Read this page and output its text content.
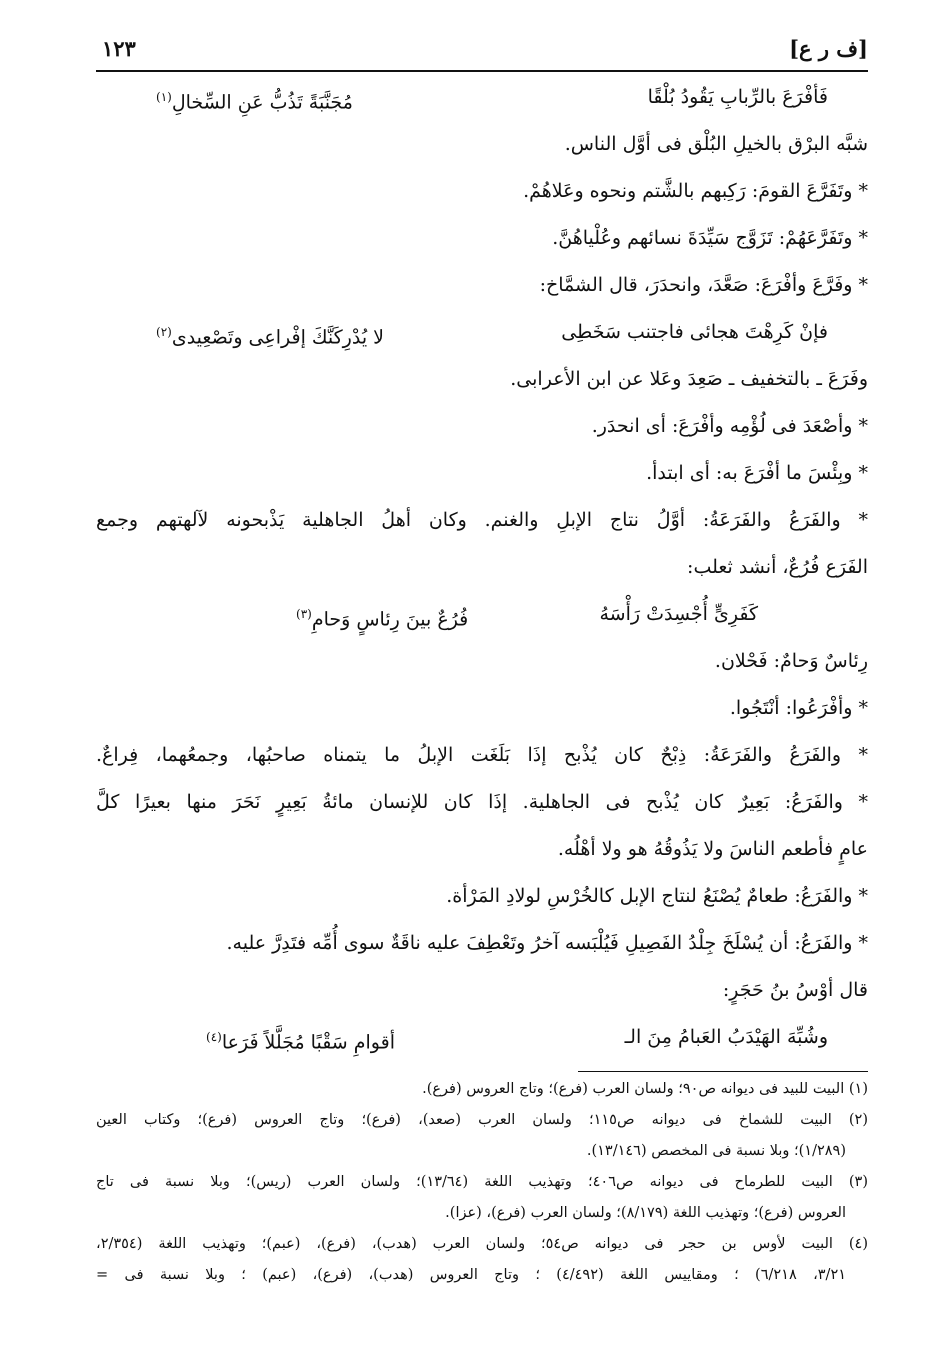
[ف ر ع]
١٢٣
فَأفْرَعَ بالرِّبابِ يَقُودُ بُلْقًا
مُجَنَّبَةً تَذُبُّ عَنِ السِّخالِ$^{(١)}$
شبَّه البرْق بالخيلِ البُلْق فى أوَّل الناس.
* وتَفَرَّعَ القومَ: رَكِبهم بالشَّتم ونحوه وعَلاهُمْ.
* وتَفَرَّعَهُمْ: تَزَوَّج سَيِّدَةَ نسائهم وعُلْياهُنَّ.
* وفَرَّعَ وأفْرَعَ: صَعَّدَ، وانحدَرَ، قال الشمَّاخ:
فإنْ كَرِهْتَ هجائى فاجتنب سَخَطِى
لا يُدْرِكَنَّكَ إفْراعِى وتَصْعِيدى$^{(٢)}$
وفَرَعَ ـ بالتخفيف ـ صَعِدَ وعَلا عن ابن الأعرابى.
* وأصْعَدَ فى لُؤْمِه وأفْرَعَ: أى انحدَر.
* وبِئْسَ ما أفْرَعَ به: أى ابتدأ.
* والفَرَعُ والفَرَعَةُ: أوَّلُ نتاج الإبلِ والغنم. وكان أهلُ الجاهلية يَذْبحونه لآلهتهم وجمع
الفَرَع فُرُعٌ، أنشد ثعلب:
كَفَرِىٍّ أُجْسِدَتْ رَأْسَهُ
فُرُعٌ بينَ رِئاسٍ وَحامِ$^{(٣)}$
رِئاسٌ وَحامٌ: فَحْلان.
* وأفْرَعُوا: أنْتَجُوا.
* والفَرَعُ والفَرَعَةُ: ذِبْحٌ كان يُذْبح إذَا بَلَغَت الإبلُ ما يتمناه صاحبُها، وجمعُهما، فِراعٌ.
* والفَرَعُ: بَعِيرٌ كان يُذْبح فى الجاهلية. إذَا كان للإنسان مائةُ بَعِيرٍ نَحَرَ منها بعيرًا كلَّ
عامٍ فأطعم الناسَ ولا يَذُوقُهُ هو ولا أهْلُه.
* والفَرَعُ: طعامٌ يُصْنَعُ لنتاج الإبل كالخُرْسِ لولادِ المَرْأة.
* والفَرَعُ: أن يُسْلَخَ جِلْدُ الفَصِيلِ فَيُلْبَسه آخرُ وتَعْطِفَ عليه ناقَةٌ سوى أُمِّه فتَدِرَّ عليه.
قال أوْسُ بنُ حَجَرٍ:
وشُبِّهَ الهَيْدَبُ العَبامُ مِنَ الـ
أقوامِ سَقْبًا مُجَلَّلاً فَرَعا$^{(٤)}$
(١) البيت للبيد فى ديوانه ص٩٠؛ ولسان العرب (فرع)؛ وتاج العروس (فرع).
(٢) البيت للشماخ فى ديوانه ص١١٥؛ ولسان العرب (صعد)، (فرع)؛ وتاج العروس (فرع)؛ وكتاب العين
(١/٢٨٩)؛ وبلا نسبة فى المخصص (١٣/١٤٦).
(٣) البيت للطرماح فى ديوانه ص٤٠٦؛ وتهذيب اللغة (١٣/٦٤)؛ ولسان العرب (ريس)؛ وبلا نسبة فى تاج
العروس (فرع)؛ وتهذيب اللغة (٨/١٧٩)؛ ولسان العرب (فرع)، (عزا).
(٤) البيت لأوس بن حجر فى ديوانه ص٥٤؛ ولسان العرب (هدب)، (فرع)، (عبم)؛ وتهذيب اللغة (٢/٣٥٤،
٣/٢١، ٦/٢١٨) ؛ ومقاييس اللغة (٤/٤٩٢) ؛ وتاج العروس (هدب)، (فرع)، (عبم) ؛ وبلا نسبة فى =
